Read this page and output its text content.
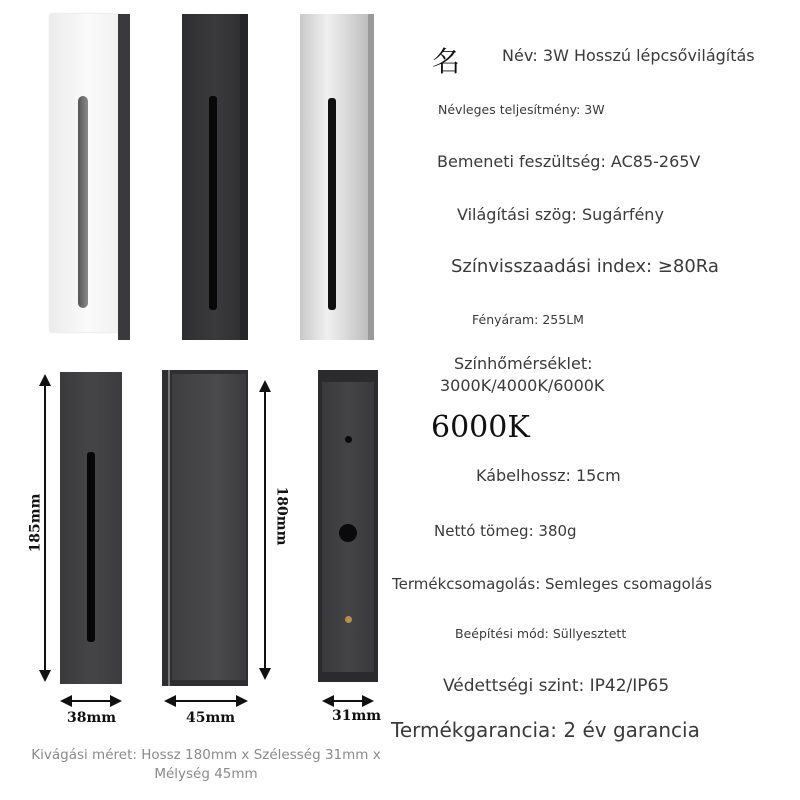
185mm
38mm
180mm
45mm	31mm
Kivágási méret: Hossz 180mm x Szélesség 31mm x
Mélység 45mm
名	Név: 3W Hosszú lépcsővilágítás
Névleges teljesítmény: 3W
Bemeneti feszültség: AC85-265V
Világítási szög: Sugárfény
Színvisszaadási index: ≥80Ra
Fényáram: 255LM
Színhőmérséklet:
3000K/4000K/6000K
6000K
Kábelhossz: 15cm
Nettó tömeg: 380g
Termékcsomagolás: Semleges csomagolás
Beépítési mód: Süllyesztett
Védettségi szint: IP42/IP65
Termékgarancia: 2 év garancia
